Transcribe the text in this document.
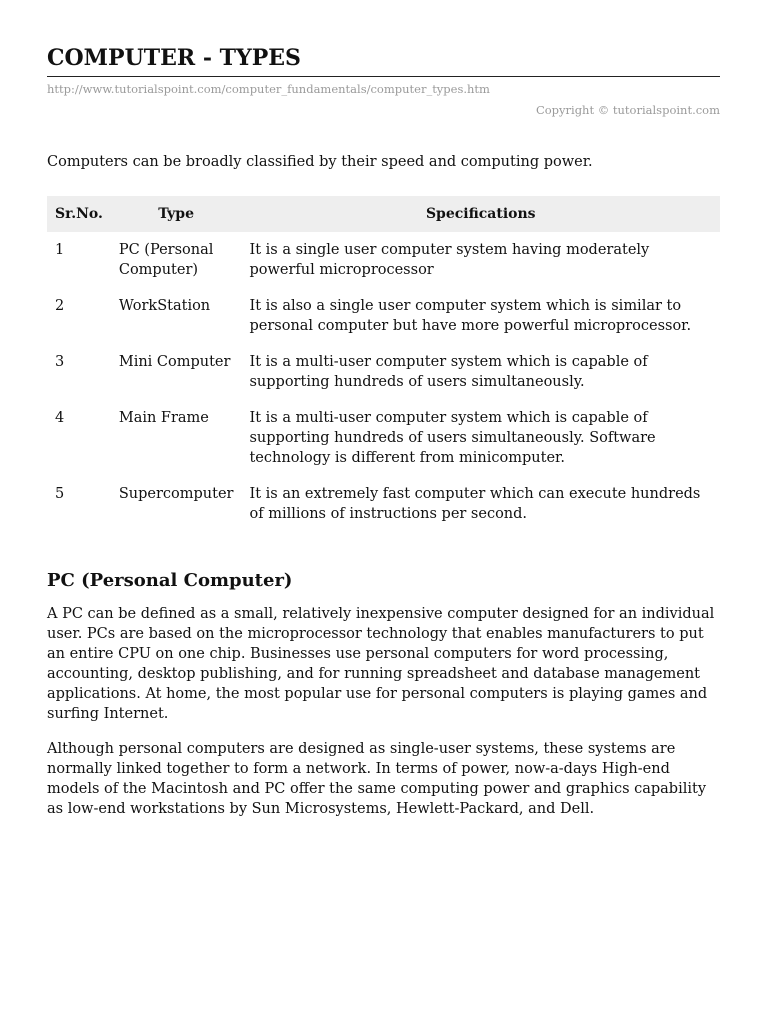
COMPUTER - TYPES
http://www.tutorialspoint.com/computer_fundamentals/computer_types.htm
Copyright © tutorialspoint.com

Computers can be broadly classified by their speed and computing power.

Sr.No.	Type	Specifications
1	PC (Personal Computer)	It is a single user computer system having moderately powerful microprocessor
2	WorkStation	It is also a single user computer system which is similar to personal computer but have more powerful microprocessor.
3	Mini Computer	It is a multi-user computer system which is capable of supporting hundreds of users simultaneously.
4	Main Frame	It is a multi-user computer system which is capable of supporting hundreds of users simultaneously. Software technology is different from minicomputer.
5	Supercomputer	It is an extremely fast computer which can execute hundreds of millions of instructions per second.
PC (Personal Computer)

A PC can be defined as a small, relatively inexpensive computer designed for an individual user. PCs are based on the microprocessor technology that enables manufacturers to put an entire CPU on one chip. Businesses use personal computers for word processing, accounting, desktop publishing, and for running spreadsheet and database management applications. At home, the most popular use for personal computers is playing games and surfing Internet.

Although personal computers are designed as single-user systems, these systems are normally linked together to form a network. In terms of power, now-a-days High-end models of the Macintosh and PC offer the same computing power and graphics capability as low-end workstations by Sun Microsystems, Hewlett-Packard, and Dell.
